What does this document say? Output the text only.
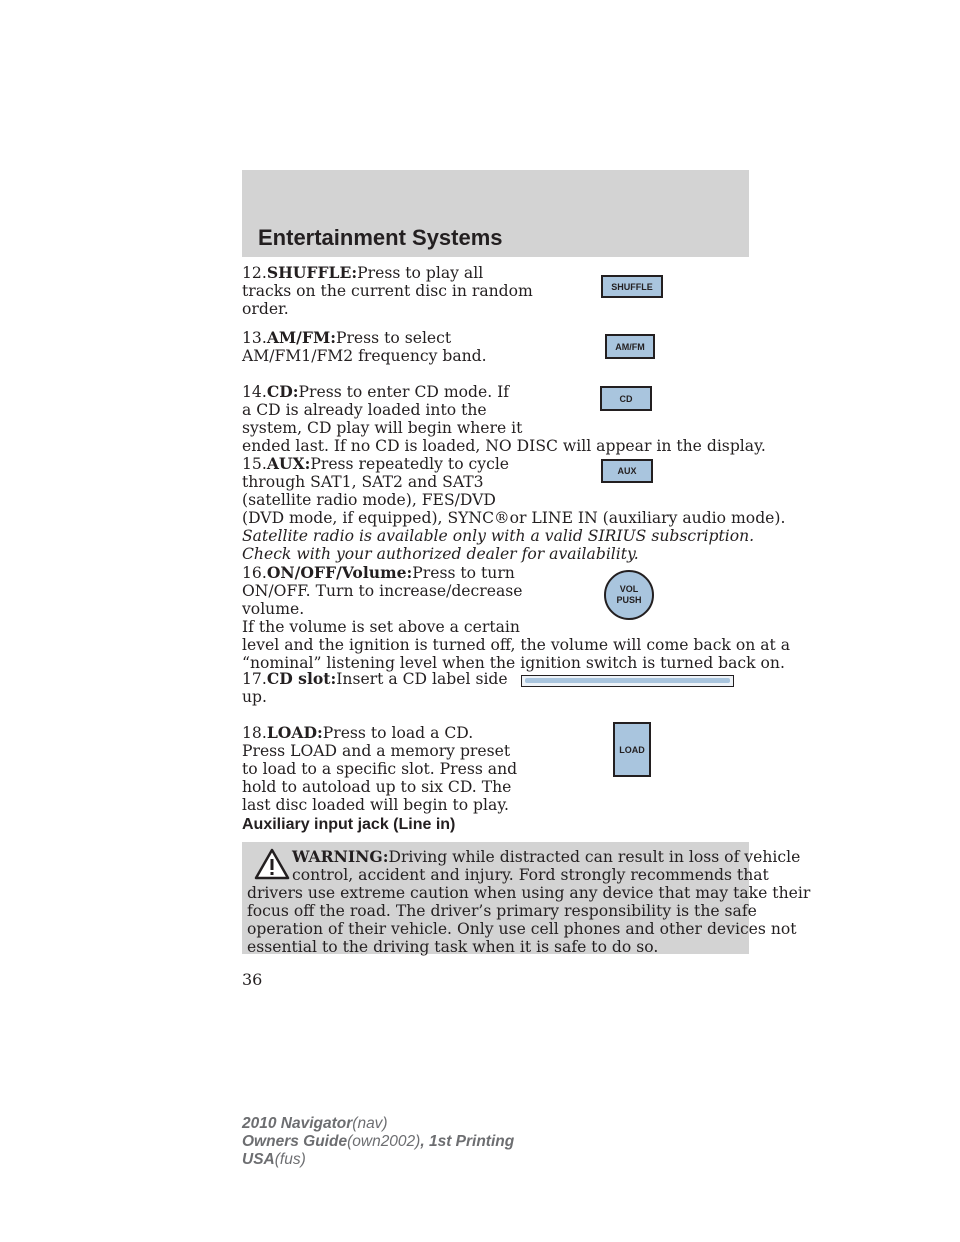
Entertainment Systems
12.SHUFFLE:Press to play all
tracks on the current disc in random
order.
SHUFFLE
13.AM/FM:Press to select
AM/FM1/FM2 frequency band.
AM/FM
14.CD:Press to enter CD mode. If
a CD is already loaded into the
system, CD play will begin where it
ended last. If no CD is loaded, NO DISC will appear in the display.
CD
15.AUX:Press repeatedly to cycle
through SAT1, SAT2 and SAT3
(satellite radio mode), FES/DVD
(DVD mode, if equipped), SYNC®or LINE IN (auxiliary audio mode).
Satellite radio is available only with a valid SIRIUS subscription.
Check with your authorized dealer for availability.
AUX
16.ON/OFF/Volume:Press to turn
ON/OFF. Turn to increase/decrease
volume.
If the volume is set above a certain
level and the ignition is turned off, the volume will come back on at a
“nominal” listening level when the ignition switch is turned back on.
VOL
PUSH
17.CD slot:Insert a CD label side
up.
18.LOAD:Press to load a CD.
Press LOAD and a memory preset
to load to a specific slot. Press and
hold to autoload up to six CD. The
last disc loaded will begin to play.
LOAD
Auxiliary input jack (Line in)
WARNING:Driving while distracted can result in loss of vehicle
control, accident and injury. Ford strongly recommends that
drivers use extreme caution when using any device that may take their
focus off the road. The driver’s primary responsibility is the safe
operation of their vehicle. Only use cell phones and other devices not
essential to the driving task when it is safe to do so.
36
2010 Navigator(nav)
Owners Guide(own2002), 1st Printing
USA(fus)
